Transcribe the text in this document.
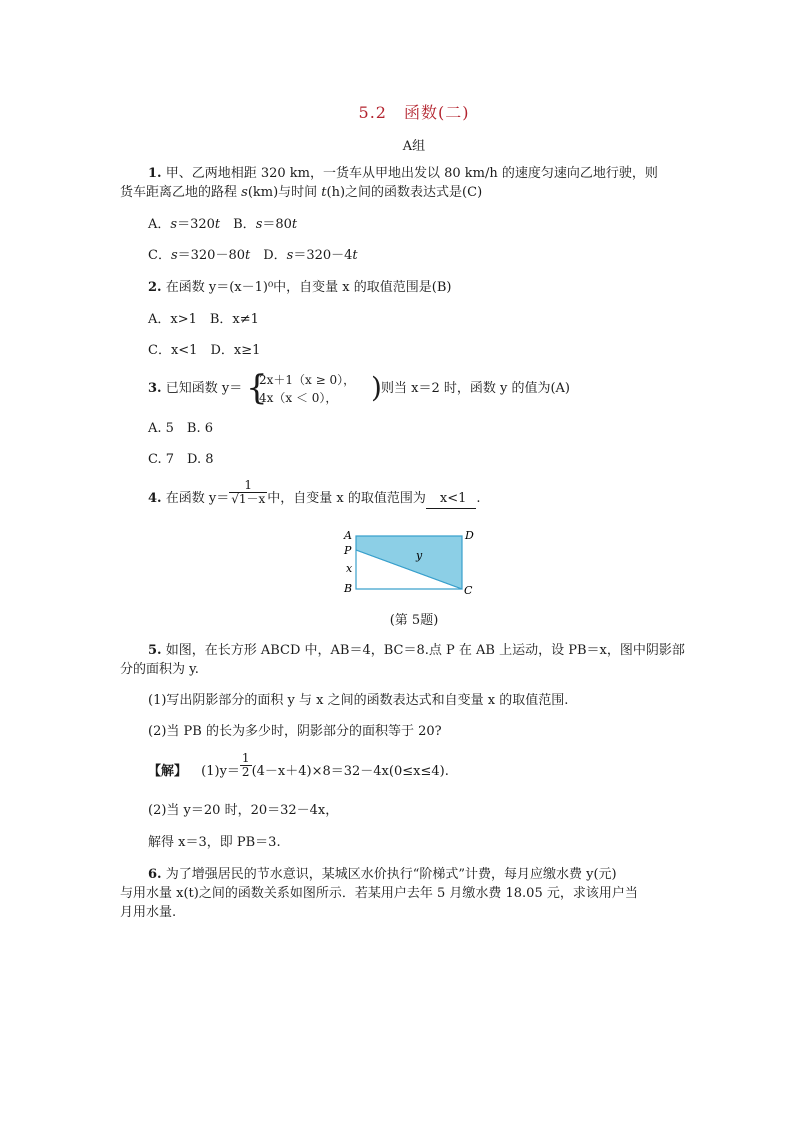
5.2　函数(二)
A组
1. 甲、乙两地相距 320 km，一货车从甲地出发以 80 km/h 的速度匀速向乙地行驶，则
货车距离乙地的路程 s(km)与时间 t(h)之间的函数表达式是(C)
A．s＝320t　B．s＝80t
C．s＝320－80t　D．s＝320－4t
2. 在函数 y＝(x－1)⁰中，自变量 x 的取值范围是(B)
A．x>1　B．x≠1
C．x<1　D．x≥1
3. 已知函数 y＝ {
2x＋1（x ≥ 0），
4x（x ＜ 0）， ) 则当 x＝2 时，函数 y 的值为(A)
A. 5　B. 6
C. 7　D. 8
4. 在函数 $y= \frac{1}{√1-x}$ 中，自变量 x 的取值范围为 x<1 .
A	D
P
x
y
B	C
(第 5题)
5. 如图，在长方形 ABCD 中，AB＝4，BC＝8.点 P 在 AB 上运动，设 PB＝x，图中阴影部
分的面积为 y.
(1)写出阴影部分的面积 y 与 x 之间的函数表达式和自变量 x 的取值范围.
(2)当 PB 的长为多少时，阴影部分的面积等于 20?
【解】 $(1)y= \frac{1}{2} (4-x+4)\times 8=32-4x(0\le x\le 4)$.
(2)当 y＝20 时，20＝32－4x，
解得 x＝3，即 PB＝3.
6. 为了增强居民的节水意识，某城区水价执行“阶梯式”计费，每月应缴水费 y(元)
与用水量 x(t)之间的函数关系如图所示．若某用户去年 5 月缴水费 18.05 元，求该用户当
月用水量.
